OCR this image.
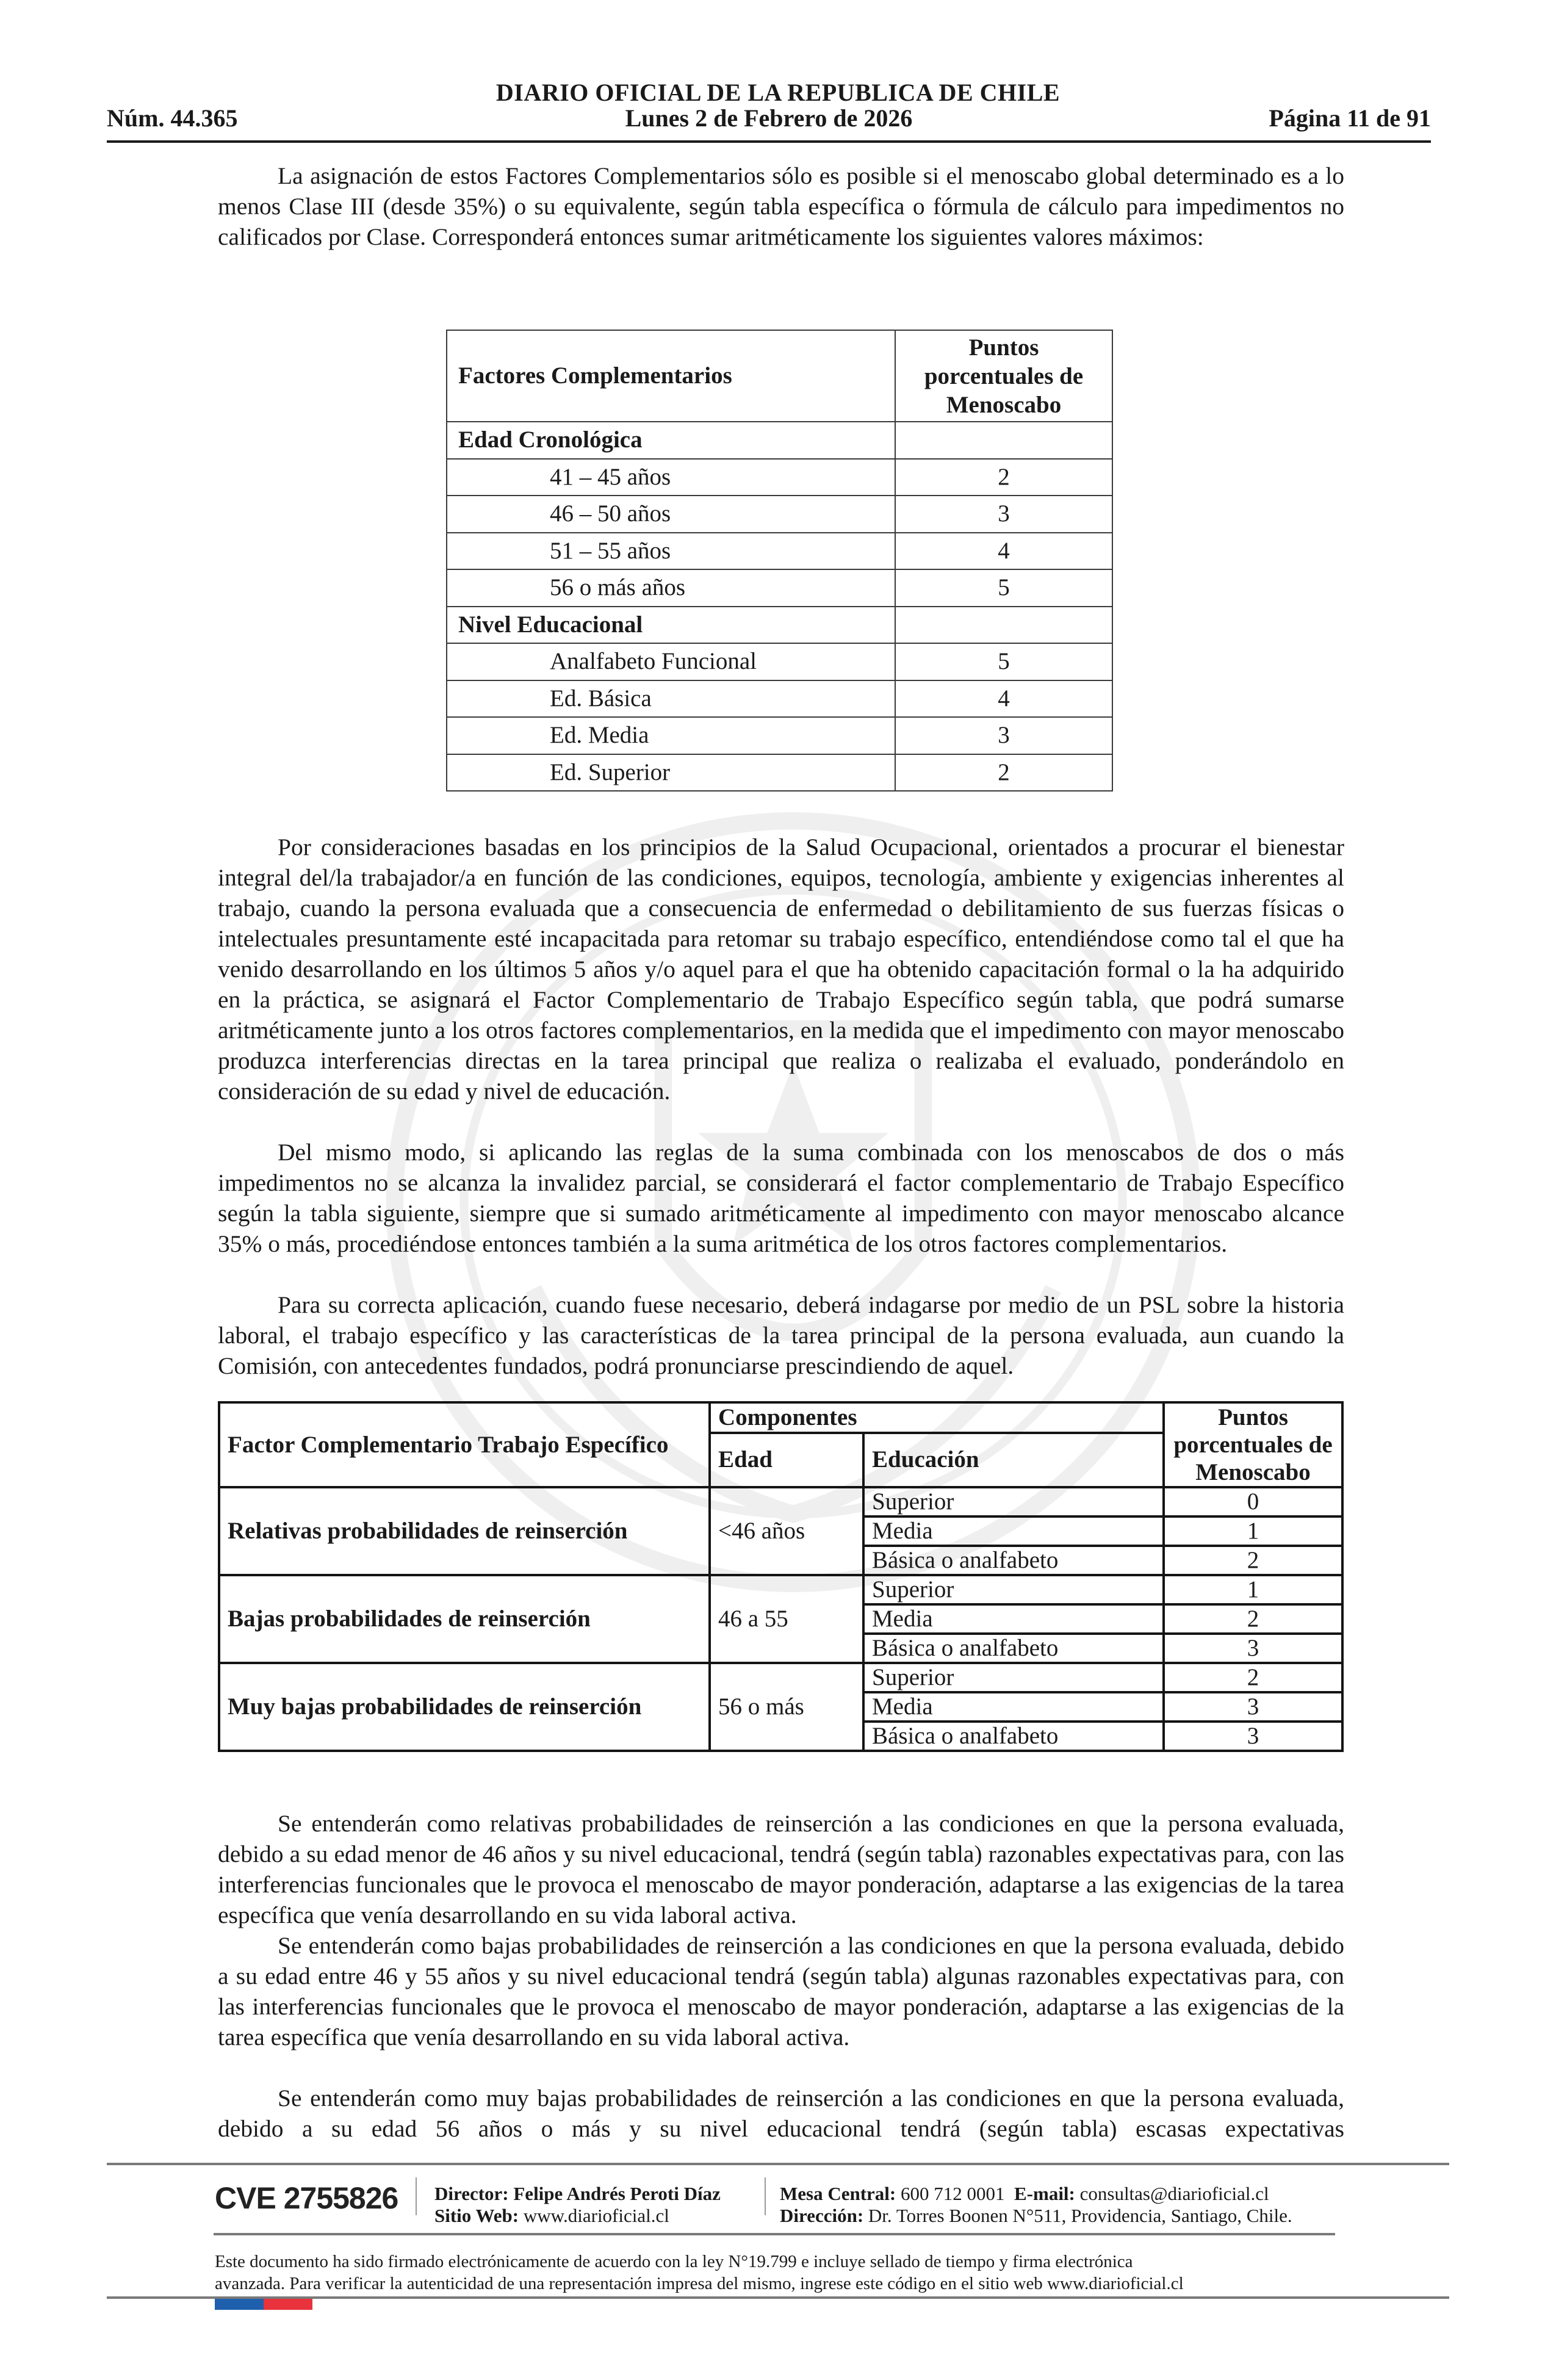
DIARIO OFICIAL DE LA REPUBLICA DE CHILE
Núm. 44.365	Lunes 2 de Febrero de 2026	Página 11 de 91

La asignación de estos Factores Complementarios sólo es posible si el menoscabo global determinado es a lo menos Clase III (desde 35%) o su equivalente, según tabla específica o fórmula de cálculo para impedimentos no calificados por Clase. Corresponderá entonces sumar aritméticamente los siguientes valores máximos:

Factores Complementarios	Puntos porcentuales de Menoscabo
Edad Cronológica	
41 – 45 años	2
46 – 50 años	3
51 – 55 años	4
56 o más años	5
Nivel Educacional	
Analfabeto Funcional	5
Ed. Básica	4
Ed. Media	3
Ed. Superior	2

Por consideraciones basadas en los principios de la Salud Ocupacional, orientados a procurar el bienestar integral del/la trabajador/a en función de las condiciones, equipos, tecnología, ambiente y exigencias inherentes al trabajo, cuando la persona evaluada que a consecuencia de enfermedad o debilitamiento de sus fuerzas físicas o intelectuales presuntamente esté incapacitada para retomar su trabajo específico, entendiéndose como tal el que ha venido desarrollando en los últimos 5 años y/o aquel para el que ha obtenido capacitación formal o la ha adquirido en la práctica, se asignará el Factor Complementario de Trabajo Específico según tabla, que podrá sumarse aritméticamente junto a los otros factores complementarios, en la medida que el impedimento con mayor menoscabo produzca interferencias directas en la tarea principal que realiza o realizaba el evaluado, ponderándolo en consideración de su edad y nivel de educación.

Del mismo modo, si aplicando las reglas de la suma combinada con los menoscabos de dos o más impedimentos no se alcanza la invalidez parcial, se considerará el factor complementario de Trabajo Específico según la tabla siguiente, siempre que si sumado aritméticamente al impedimento con mayor menoscabo alcance 35% o más, procediéndose entonces también a la suma aritmética de los otros factores complementarios.

Para su correcta aplicación, cuando fuese necesario, deberá indagarse por medio de un PSL sobre la historia laboral, el trabajo específico y las características de la tarea principal de la persona evaluada, aun cuando la Comisión, con antecedentes fundados, podrá pronunciarse prescindiendo de aquel.

Factor Complementario Trabajo Específico	Componentes		Puntos porcentuales de Menoscabo
	Edad	Educación	
Relativas probabilidades de reinserción	<46 años	Superior	0
		Media	1
		Básica o analfabeto	2
Bajas probabilidades de reinserción	46 a 55	Superior	1
		Media	2
		Básica o analfabeto	3
Muy bajas probabilidades de reinserción	56 o más	Superior	2
		Media	3
		Básica o analfabeto	3

Se entenderán como relativas probabilidades de reinserción a las condiciones en que la persona evaluada, debido a su edad menor de 46 años y su nivel educacional, tendrá (según tabla) razonables expectativas para, con las interferencias funcionales que le provoca el menoscabo de mayor ponderación, adaptarse a las exigencias de la tarea específica que venía desarrollando en su vida laboral activa.

Se entenderán como bajas probabilidades de reinserción a las condiciones en que la persona evaluada, debido a su edad entre 46 y 55 años y su nivel educacional tendrá (según tabla) algunas razonables expectativas para, con las interferencias funcionales que le provoca el menoscabo de mayor ponderación, adaptarse a las exigencias de la tarea específica que venía desarrollando en su vida laboral activa.

Se entenderán como muy bajas probabilidades de reinserción a las condiciones en que la persona evaluada, debido a su edad 56 años o más y su nivel educacional tendrá (según tabla) escasas expectativas

CVE 2755826 Director: Felipe Andrés Peroti Díaz
Sitio Web: www.diarioficial.cl
Mesa Central: 600 712 0001 E-mail: consultas@diarioficial.cl
Dirección: Dr. Torres Boonen N°511, Providencia, Santiago, Chile.
Este documento ha sido firmado electrónicamente de acuerdo con la ley N°19.799 e incluye sellado de tiempo y firma electrónica
avanzada. Para verificar la autenticidad de una representación impresa del mismo, ingrese este código en el sitio web www.diarioficial.cl
